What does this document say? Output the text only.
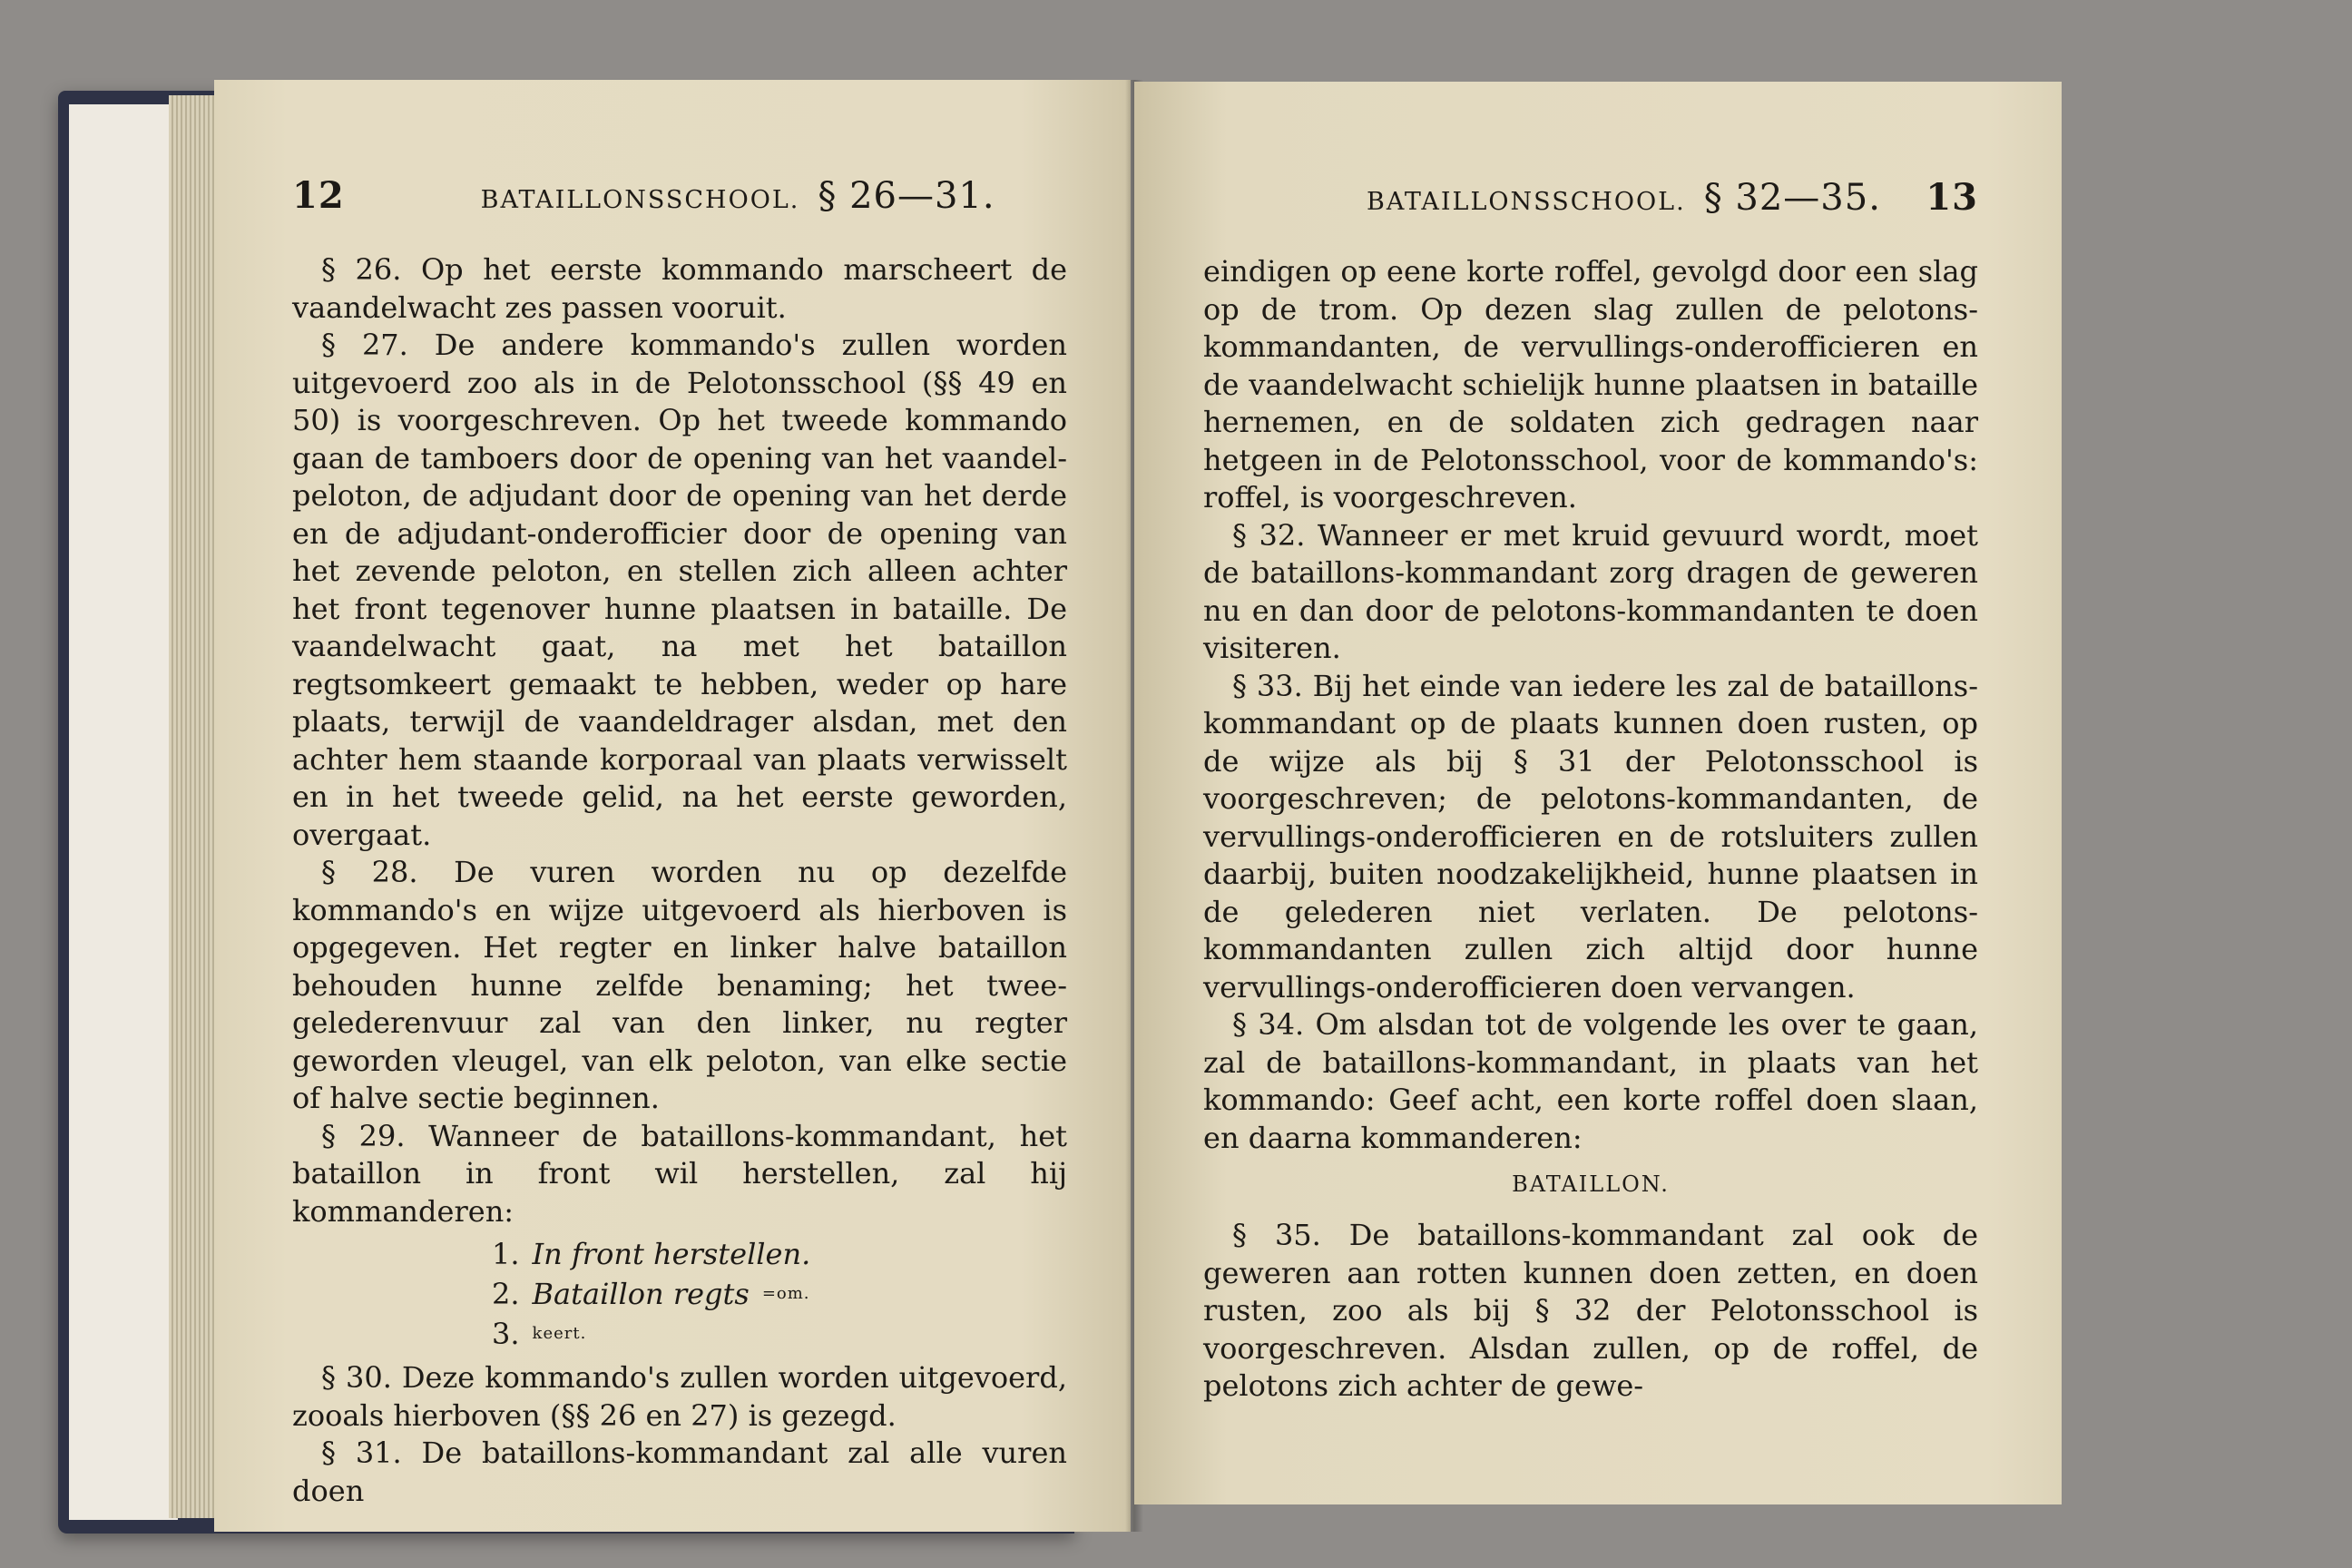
12	BATAILLONSSCHOOL. § 26—31.

§ 26. Op het eerste kommando marscheert de vaandelwacht zes passen vooruit.

§ 27. De andere kommando's zullen worden uitgevoerd zoo als in de Pelotonsschool (§§ 49 en 50) is voorgeschreven. Op het tweede kommando gaan de tamboers door de opening van het vaandel-peloton, de adjudant door de opening van het derde en de adjudant-onderofficier door de opening van het zevende peloton, en stellen zich alleen achter het front tegenover hunne plaatsen in bataille. De vaandelwacht gaat, na met het bataillon regtsomkeert gemaakt te hebben, weder op hare plaats, terwijl de vaandeldrager alsdan, met den achter hem staande korporaal van plaats verwisselt en in het tweede gelid, na het eerste geworden, overgaat.

§ 28. De vuren worden nu op dezelfde kommando's en wijze uitgevoerd als hierboven is opgegeven. Het regter en linker halve bataillon behouden hunne zelfde benaming; het twee-gelederenvuur zal van den linker, nu regter geworden vleugel, van elk peloton, van elke sectie of halve sectie beginnen.

§ 29. Wanneer de bataillons-kommandant, het bataillon in front wil herstellen, zal hij kommanderen:

1. In front herstellen.
2. Bataillon regts =om.
3. keert.

§ 30. Deze kommando's zullen worden uitgevoerd, zooals hierboven (§§ 26 en 27) is gezegd.

§ 31. De bataillons-kommandant zal alle vuren doen

BATAILLONSSCHOOL. § 32—35. 13

eindigen op eene korte roffel, gevolgd door een slag op de trom. Op dezen slag zullen de pelotons-kommandanten, de vervullings-onderofficieren en de vaandelwacht schielijk hunne plaatsen in bataille hernemen, en de soldaten zich gedragen naar hetgeen in de Pelotonsschool, voor de kommando's: roffel, is voorgeschreven.

§ 32. Wanneer er met kruid gevuurd wordt, moet de bataillons-kommandant zorg dragen de geweren nu en dan door de pelotons-kommandanten te doen visiteren.

§ 33. Bij het einde van iedere les zal de bataillons-kommandant op de plaats kunnen doen rusten, op de wijze als bij § 31 der Pelotonsschool is voorgeschreven; de pelotons-kommandanten, de vervullings-onderofficieren en de rotsluiters zullen daarbij, buiten noodzakelijkheid, hunne plaatsen in de gelederen niet verlaten. De pelotons-kommandanten zullen zich altijd door hunne vervullings-onderofficieren doen vervangen.

§ 34. Om alsdan tot de volgende les over te gaan, zal de bataillons-kommandant, in plaats van het kommando: Geef acht, een korte roffel doen slaan, en daarna kommanderen:

BATAILLON.

§ 35. De bataillons-kommandant zal ook de geweren aan rotten kunnen doen zetten, en doen rusten, zoo als bij § 32 der Pelotonsschool is voorgeschreven. Alsdan zullen, op de roffel, de pelotons zich achter de gewe-
